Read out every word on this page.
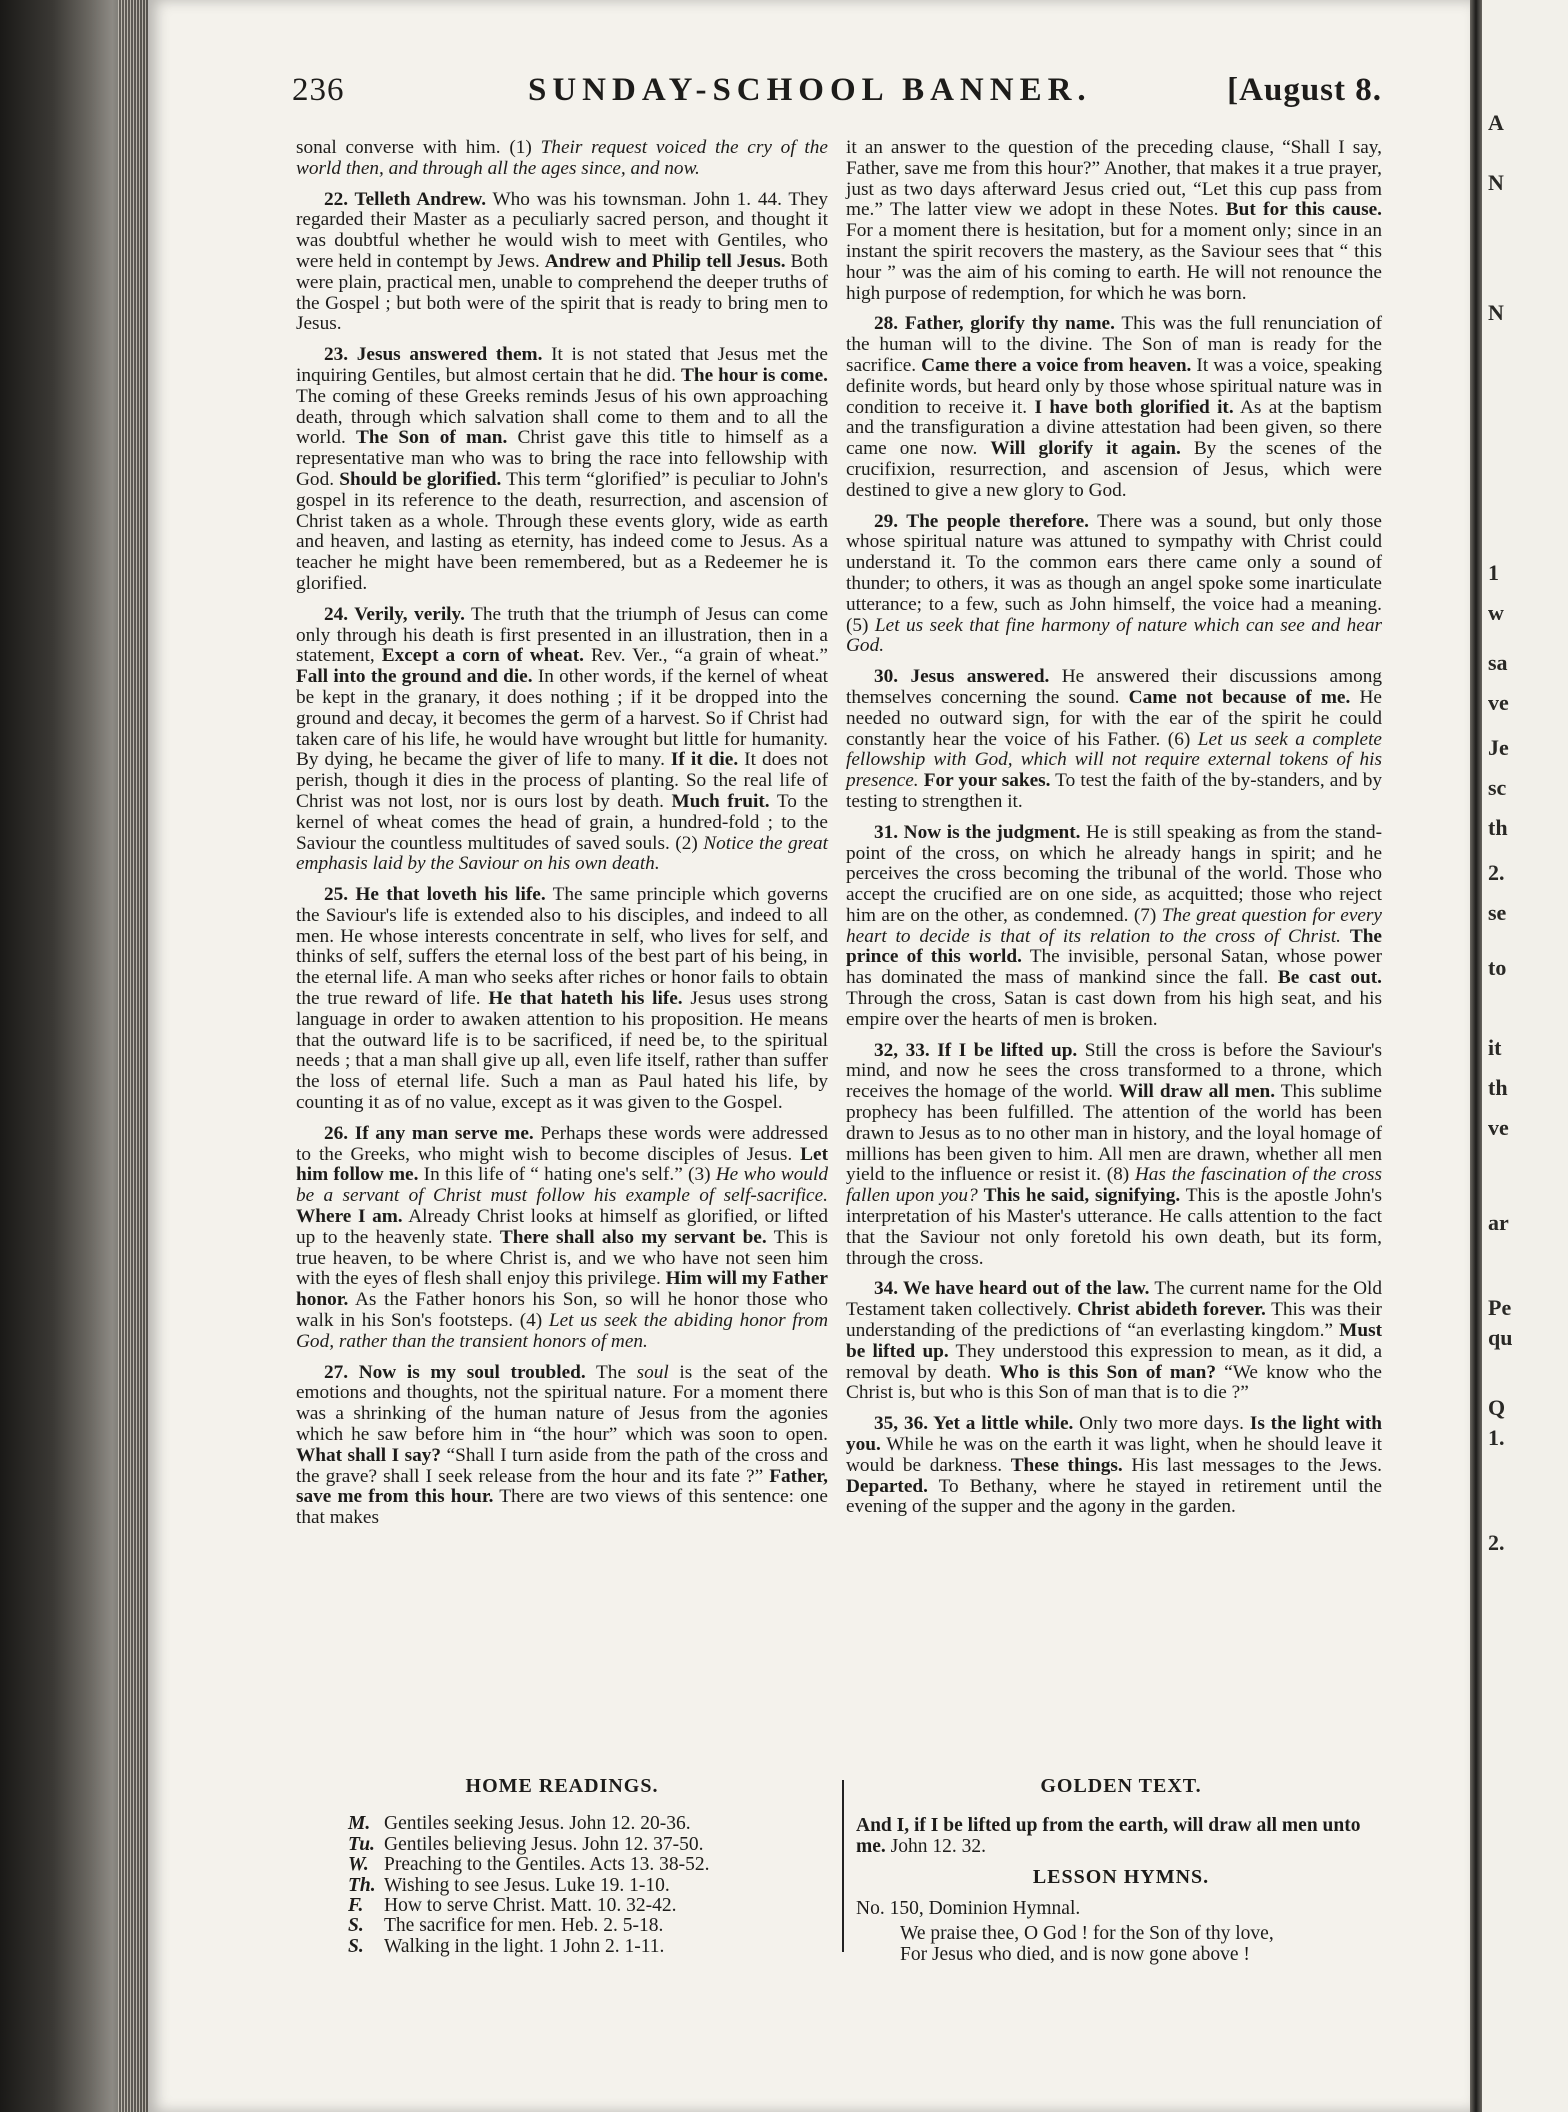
A
N
N
1
w
sa
ve
Je
sc
th
2.
se
to
it
th
ve
ar
Pe
qu
Q
1.
2.
236	SUNDAY-SCHOOL BANNER.	[August 8.

sonal converse with him. (1) Their request voiced the cry of the world then, and through all the ages since, and now.

22. Telleth Andrew. Who was his townsman. John 1. 44. They regarded their Master as a peculiarly sacred person, and thought it was doubtful whether he would wish to meet with Gentiles, who were held in contempt by Jews. Andrew and Philip tell Jesus. Both were plain, practical men, unable to comprehend the deeper truths of the Gospel ; but both were of the spirit that is ready to bring men to Jesus.

23. Jesus answered them. It is not stated that Jesus met the inquiring Gentiles, but almost certain that he did. The hour is come. The coming of these Greeks reminds Jesus of his own approaching death, through which salvation shall come to them and to all the world. The Son of man. Christ gave this title to himself as a representative man who was to bring the race into fellowship with God. Should be glorified. This term “glorified” is peculiar to John's gospel in its reference to the death, resurrection, and ascension of Christ taken as a whole. Through these events glory, wide as earth and heaven, and lasting as eternity, has indeed come to Jesus. As a teacher he might have been remembered, but as a Redeemer he is glorified.

24. Verily, verily. The truth that the triumph of Jesus can come only through his death is first presented in an illustration, then in a statement, Except a corn of wheat. Rev. Ver., “a grain of wheat.” Fall into the ground and die. In other words, if the kernel of wheat be kept in the granary, it does nothing ; if it be dropped into the ground and decay, it becomes the germ of a harvest. So if Christ had taken care of his life, he would have wrought but little for humanity. By dying, he became the giver of life to many. If it die. It does not perish, though it dies in the process of planting. So the real life of Christ was not lost, nor is ours lost by death. Much fruit. To the kernel of wheat comes the head of grain, a hundred-fold ; to the Saviour the countless multitudes of saved souls. (2) Notice the great emphasis laid by the Saviour on his own death.

25. He that loveth his life. The same principle which governs the Saviour's life is extended also to his disciples, and indeed to all men. He whose interests concentrate in self, who lives for self, and thinks of self, suffers the eternal loss of the best part of his being, in the eternal life. A man who seeks after riches or honor fails to obtain the true reward of life. He that hateth his life. Jesus uses strong language in order to awaken attention to his proposition. He means that the outward life is to be sacrificed, if need be, to the spiritual needs ; that a man shall give up all, even life itself, rather than suffer the loss of eternal life. Such a man as Paul hated his life, by counting it as of no value, except as it was given to the Gospel.

26. If any man serve me. Perhaps these words were addressed to the Greeks, who might wish to become disciples of Jesus. Let him follow me. In this life of “ hating one's self.” (3) He who would be a servant of Christ must follow his example of self-sacrifice. Where I am. Already Christ looks at himself as glorified, or lifted up to the heavenly state. There shall also my servant be. This is true heaven, to be where Christ is, and we who have not seen him with the eyes of flesh shall enjoy this privilege. Him will my Father honor. As the Father honors his Son, so will he honor those who walk in his Son's footsteps. (4) Let us seek the abiding honor from God, rather than the transient honors of men.

27. Now is my soul troubled. The soul is the seat of the emotions and thoughts, not the spiritual nature. For a moment there was a shrinking of the human nature of Jesus from the agonies which he saw before him in “the hour” which was soon to open. What shall I say? “Shall I turn aside from the path of the cross and the grave? shall I seek release from the hour and its fate ?” Father, save me from this hour. There are two views of this sentence: one that makes

it an answer to the question of the preceding clause, “Shall I say, Father, save me from this hour?” Another, that makes it a true prayer, just as two days afterward Jesus cried out, “Let this cup pass from me.” The latter view we adopt in these Notes. But for this cause. For a moment there is hesitation, but for a moment only; since in an instant the spirit recovers the mastery, as the Saviour sees that “ this hour ” was the aim of his coming to earth. He will not renounce the high purpose of redemption, for which he was born.

28. Father, glorify thy name. This was the full renunciation of the human will to the divine. The Son of man is ready for the sacrifice. Came there a voice from heaven. It was a voice, speaking definite words, but heard only by those whose spiritual nature was in condition to receive it. I have both glorified it. As at the baptism and the transfiguration a divine attestation had been given, so there came one now. Will glorify it again. By the scenes of the crucifixion, resurrection, and ascension of Jesus, which were destined to give a new glory to God.

29. The people therefore. There was a sound, but only those whose spiritual nature was attuned to sympathy with Christ could understand it. To the common ears there came only a sound of thunder; to others, it was as though an angel spoke some inarticulate utterance; to a few, such as John himself, the voice had a meaning. (5) Let us seek that fine harmony of nature which can see and hear God.

30. Jesus answered. He answered their discussions among themselves concerning the sound. Came not because of me. He needed no outward sign, for with the ear of the spirit he could constantly hear the voice of his Father. (6) Let us seek a complete fellowship with God, which will not require external tokens of his presence. For your sakes. To test the faith of the by-standers, and by testing to strengthen it.

31. Now is the judgment. He is still speaking as from the stand-point of the cross, on which he already hangs in spirit; and he perceives the cross becoming the tribunal of the world. Those who accept the crucified are on one side, as acquitted; those who reject him are on the other, as condemned. (7) The great question for every heart to decide is that of its relation to the cross of Christ. The prince of this world. The invisible, personal Satan, whose power has dominated the mass of mankind since the fall. Be cast out. Through the cross, Satan is cast down from his high seat, and his empire over the hearts of men is broken.

32, 33. If I be lifted up. Still the cross is before the Saviour's mind, and now he sees the cross transformed to a throne, which receives the homage of the world. Will draw all men. This sublime prophecy has been fulfilled. The attention of the world has been drawn to Jesus as to no other man in history, and the loyal homage of millions has been given to him. All men are drawn, whether all men yield to the influence or resist it. (8) Has the fascination of the cross fallen upon you? This he said, signifying. This is the apostle John's interpretation of his Master's utterance. He calls attention to the fact that the Saviour not only foretold his own death, but its form, through the cross.

34. We have heard out of the law. The current name for the Old Testament taken collectively. Christ abideth forever. This was their understanding of the predictions of “an everlasting kingdom.” Must be lifted up. They understood this expression to mean, as it did, a removal by death. Who is this Son of man? “We know who the Christ is, but who is this Son of man that is to die ?”

35, 36. Yet a little while. Only two more days. Is the light with you. While he was on the earth it was light, when he should leave it would be darkness. These things. His last messages to the Jews. Departed. To Bethany, where he stayed in retirement until the evening of the supper and the agony in the garden.

HOME READINGS.
M. Gentiles seeking Jesus. John 12. 20-36.
Tu. Gentiles believing Jesus. John 12. 37-50.
W. Preaching to the Gentiles. Acts 13. 38-52.
Th. Wishing to see Jesus. Luke 19. 1-10.
F. How to serve Christ. Matt. 10. 32-42.
S. The sacrifice for men. Heb. 2. 5-18.
S. Walking in the light. 1 John 2. 1-11.
GOLDEN TEXT.
And I, if I be lifted up from the earth, will draw all men unto me. John 12. 32.
LESSON HYMNS.
No. 150, Dominion Hymnal.
We praise thee, O God ! for the Son of thy love,
For Jesus who died, and is now gone above !
